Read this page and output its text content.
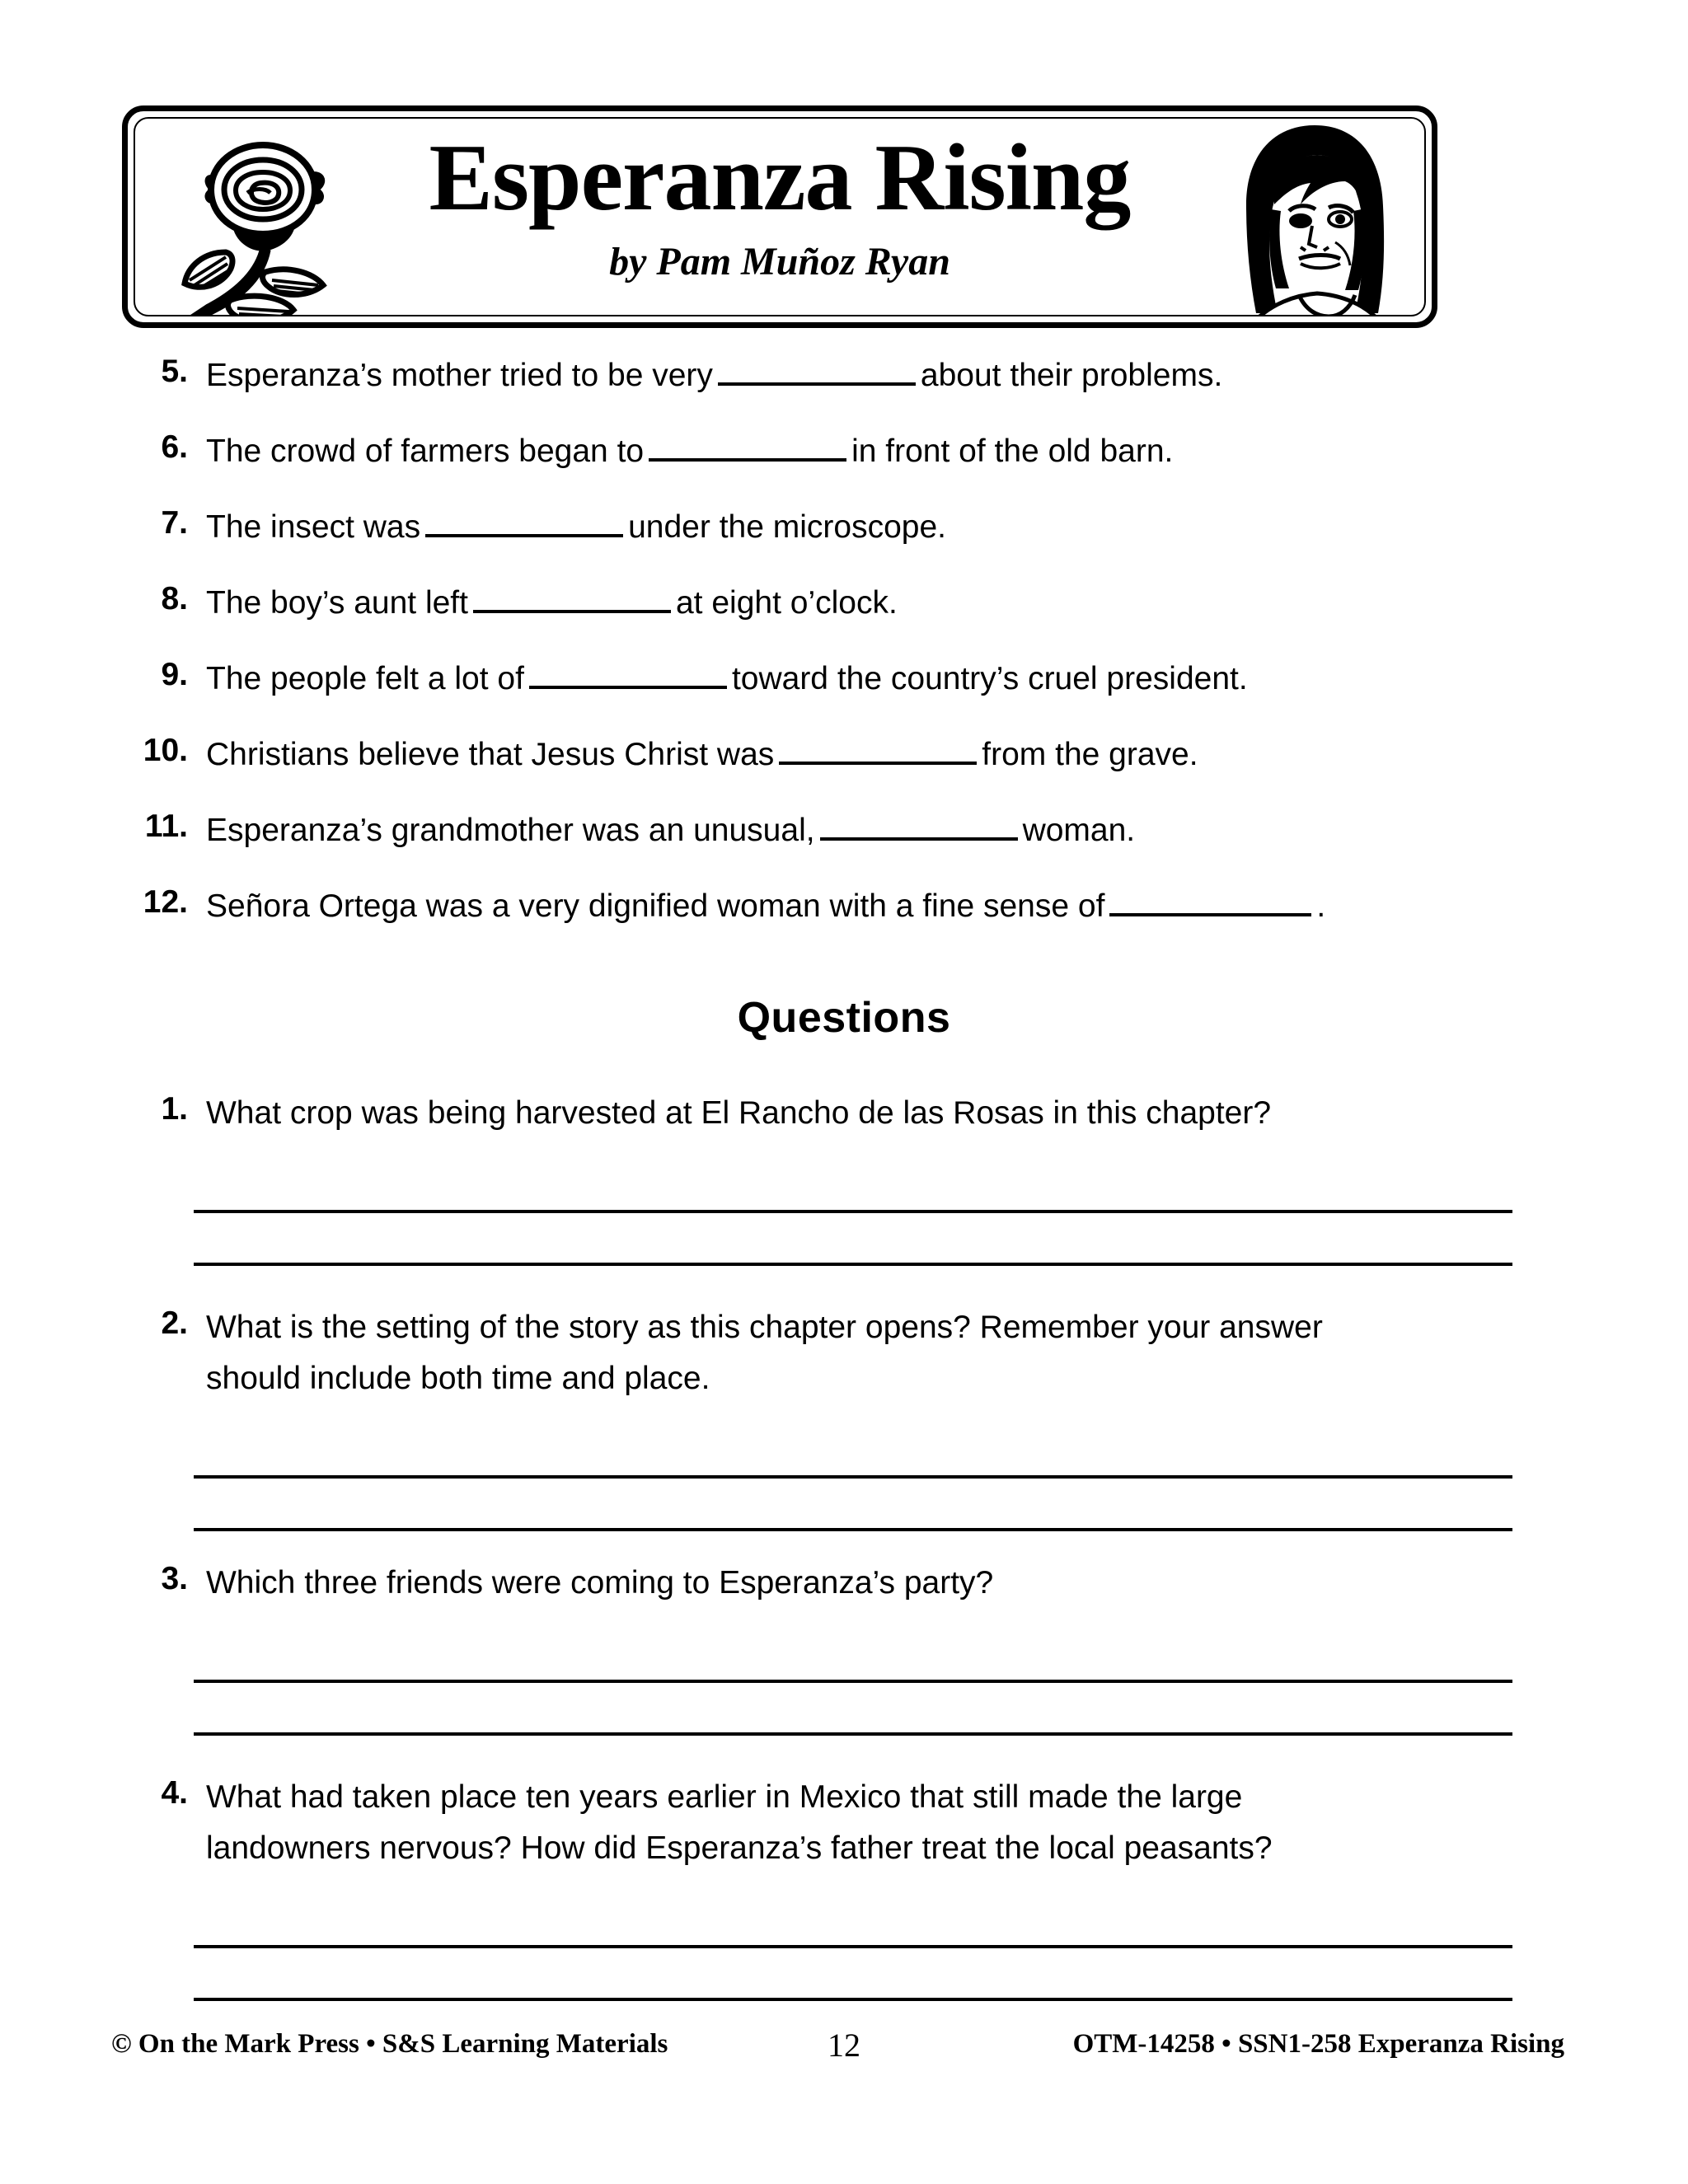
Esperanza Rising
by Pam Muñoz Ryan
5. Esperanza’s mother tried to be very	about their problems.
6. The crowd of farmers began to	in front of the old barn.
7. The insect was	under the microscope.
8. The boy’s aunt left	at eight o’clock.
9. The people felt a lot of	toward the country’s cruel president.
10. Christians believe that Jesus Christ was	from the grave.
11. Esperanza’s grandmother was an unusual,	woman.
12. Señora Ortega was a very dignified woman with a fine sense of	.
Questions
1. What crop was being harvested at El Rancho de las Rosas in this chapter?
2. What is the setting of the story as this chapter opens? Remember your answer
should include both time and place.
3. Which three friends were coming to Esperanza’s party?
4. What had taken place ten years earlier in Mexico that still made the large
landowners nervous? How did Esperanza’s father treat the local peasants?
© On the Mark Press • S&S Learning Materials	12	OTM-14258 • SSN1-258 Experanza Rising
